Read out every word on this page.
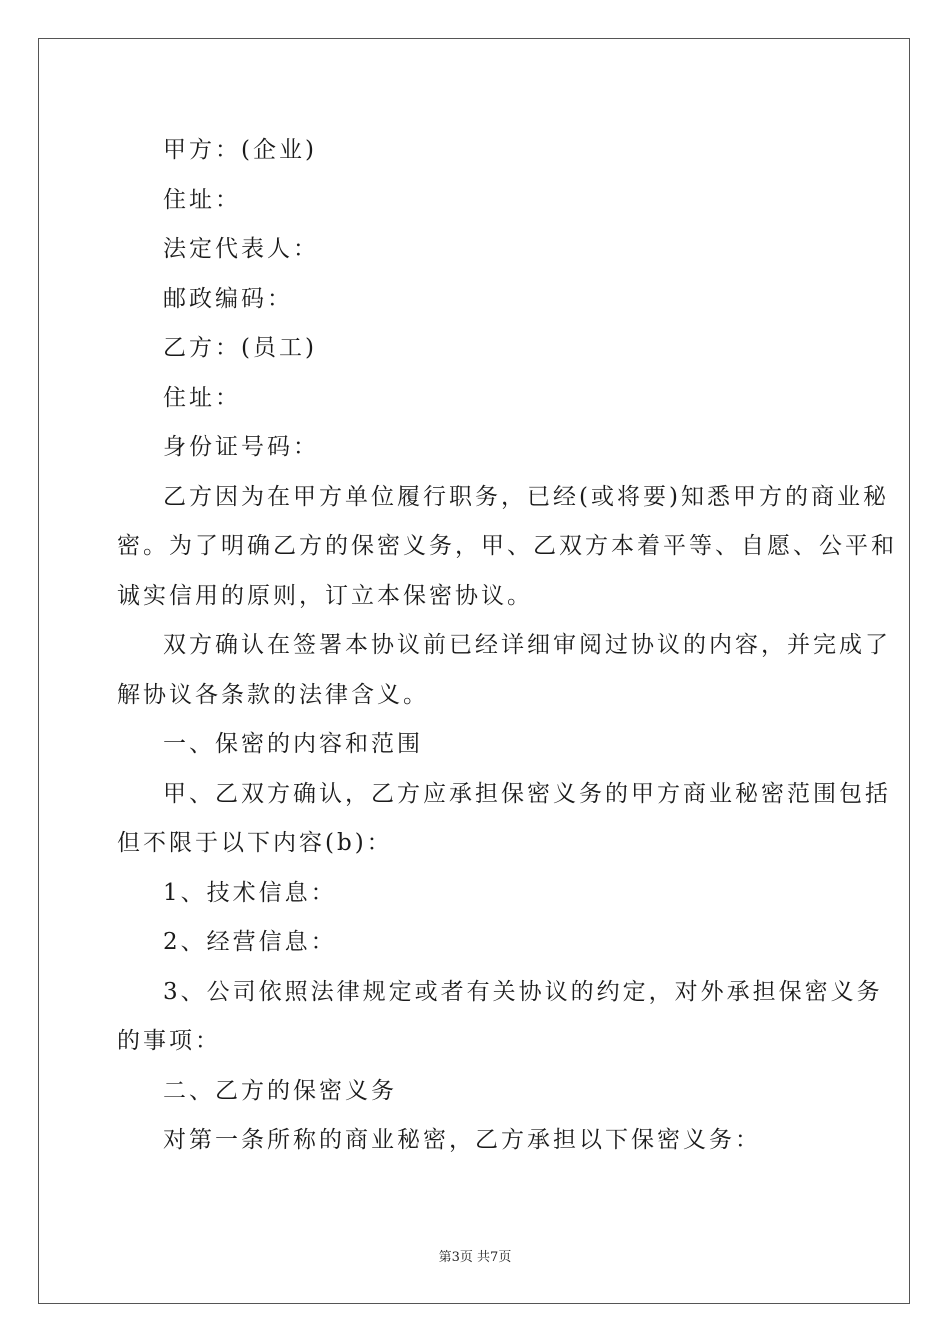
甲方：(企业)
住址：
法定代表人：
邮政编码：
乙方：(员工)
住址：
身份证号码：
乙方因为在甲方单位履行职务，已经(或将要)知悉甲方的商业秘
密。为了明确乙方的保密义务，甲、乙双方本着平等、自愿、公平和
诚实信用的原则，订立本保密协议。
双方确认在签署本协议前已经详细审阅过协议的内容，并完成了
解协议各条款的法律含义。
一、保密的内容和范围
甲、乙双方确认，乙方应承担保密义务的甲方商业秘密范围包括
但不限于以下内容(b)：
1、技术信息：
2、经营信息：
3、公司依照法律规定或者有关协议的约定，对外承担保密义务
的事项：
二、乙方的保密义务
对第一条所称的商业秘密，乙方承担以下保密义务：
第3页 共7页
